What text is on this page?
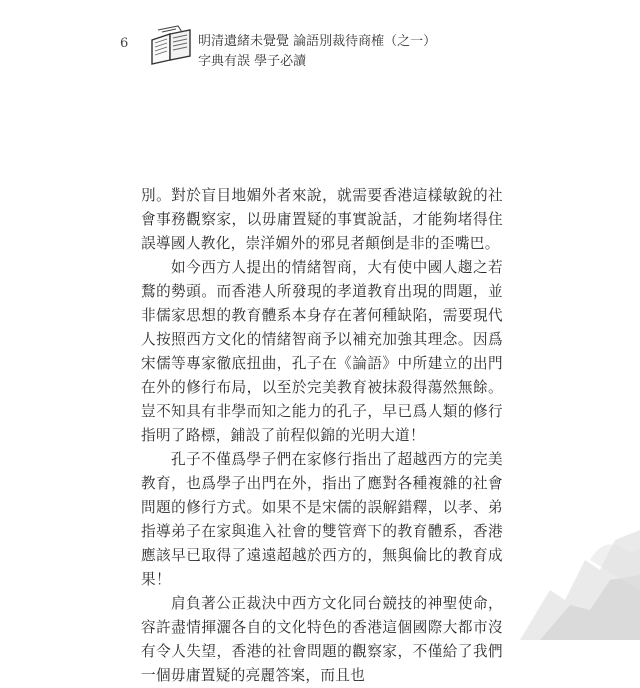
6	明清遺緒未覺覺 論語別裁待商榷（之一）
字典有誤 學子必讀

別。對於盲目地媚外者來說，就需要香港這樣敏銳的社會事務觀察家，以毋庸置疑的事實說話，才能夠堵得住誤導國人教化，崇洋媚外的邪見者顛倒是非的歪嘴巴。

如今西方人提出的情緒智商，大有使中國人趨之若鶩的勢頭。而香港人所發現的孝道教育出現的問題，並非儒家思想的教育體系本身存在著何種缺陷，需要現代人按照西方文化的情緒智商予以補充加強其理念。因爲宋儒等專家徹底扭曲，孔子在《論語》中所建立的出門在外的修行布局，以至於完美教育被抹殺得蕩然無餘。豈不知具有非學而知之能力的孔子，早已爲人類的修行指明了路標，鋪設了前程似錦的光明大道！

孔子不僅爲學子們在家修行指出了超越西方的完美教育，也爲學子出門在外，指出了應對各種複雜的社會問題的修行方式。如果不是宋儒的誤解錯釋，以孝、弟指導弟子在家與進入社會的雙管齊下的教育體系，香港應該早已取得了遠遠超越於西方的，無與倫比的教育成果！

肩負著公正裁決中西方文化同台競技的神聖使命，容許盡情揮灑各自的文化特色的香港這個國際大都市沒有令人失望，香港的社會問題的觀察家，不僅給了我們一個毋庸置疑的亮麗答案，而且也
